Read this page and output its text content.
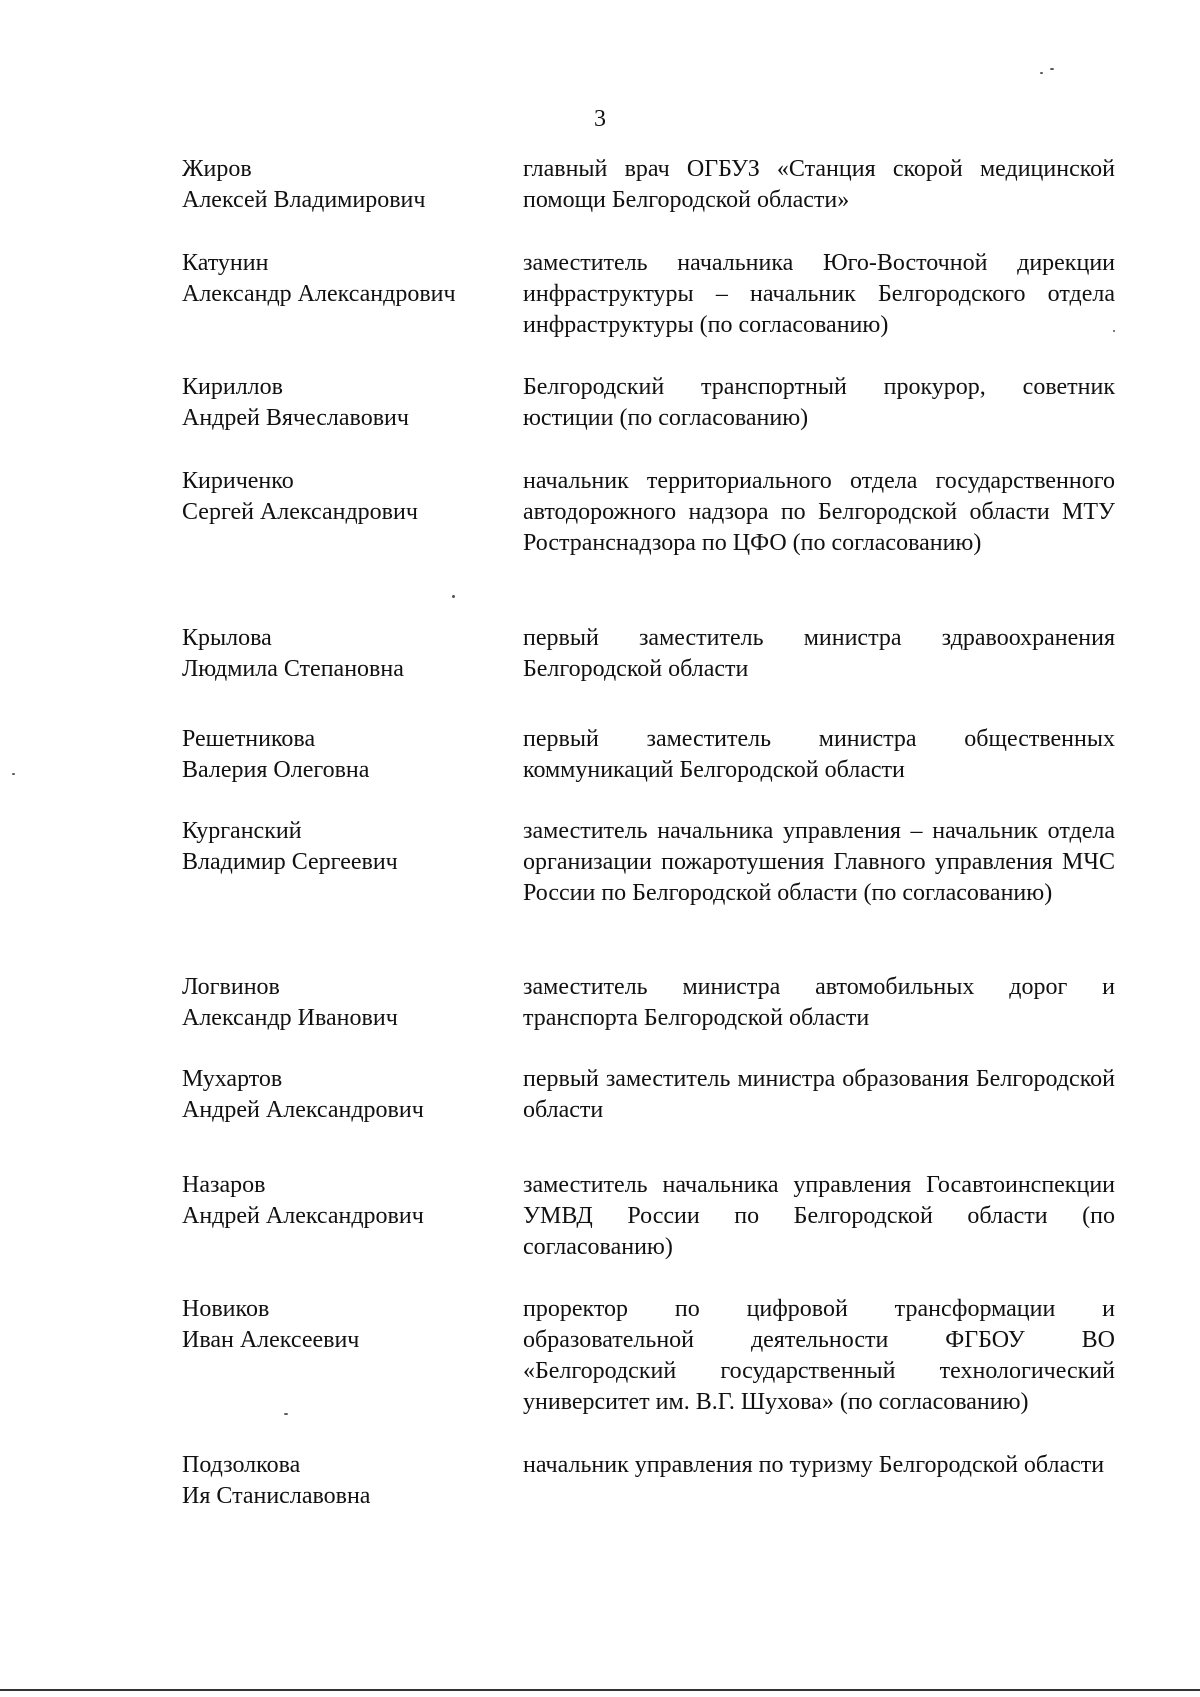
3
Жиров
Алексей Владимирович
главный врач ОГБУЗ «Станция скорой медицинской помощи Белгородской области»
Катунин
Александр Александрович
заместитель начальника Юго-Восточной дирекции инфраструктуры – начальник Белгородского отдела инфраструктуры (по согласованию)
Кириллов
Андрей Вячеславович
Белгородский транспортный прокурор, советник юстиции (по согласованию)
Кириченко
Сергей Александрович
начальник территориального отдела государственного автодорожного надзора по Белгородской области МТУ Ространснадзора по ЦФО (по согласованию)
Крылова
Людмила Степановна
первый заместитель министра здравоохранения Белгородской области
Решетникова
Валерия Олеговна
первый заместитель министра общественных коммуникаций Белгородской области
Курганский
Владимир Сергеевич
заместитель начальника управления – начальник отдела организации пожаротушения Главного управления МЧС России по Белгородской области (по согласованию)
Логвинов
Александр Иванович
заместитель министра автомобильных дорог и транспорта Белгородской области
Мухартов
Андрей Александрович
первый заместитель министра образования Белгородской области
Назаров
Андрей Александрович
заместитель начальника управления Госавтоинспекции УМВД России по Белгородской области (по согласованию)
Новиков
Иван Алексеевич
проректор по цифровой трансформации и образовательной деятельности ФГБОУ ВО «Белгородский государственный технологический университет им. В.Г. Шухова» (по согласованию)
Подзолкова
Ия Станиславовна
начальник управления по туризму Белгородской области
